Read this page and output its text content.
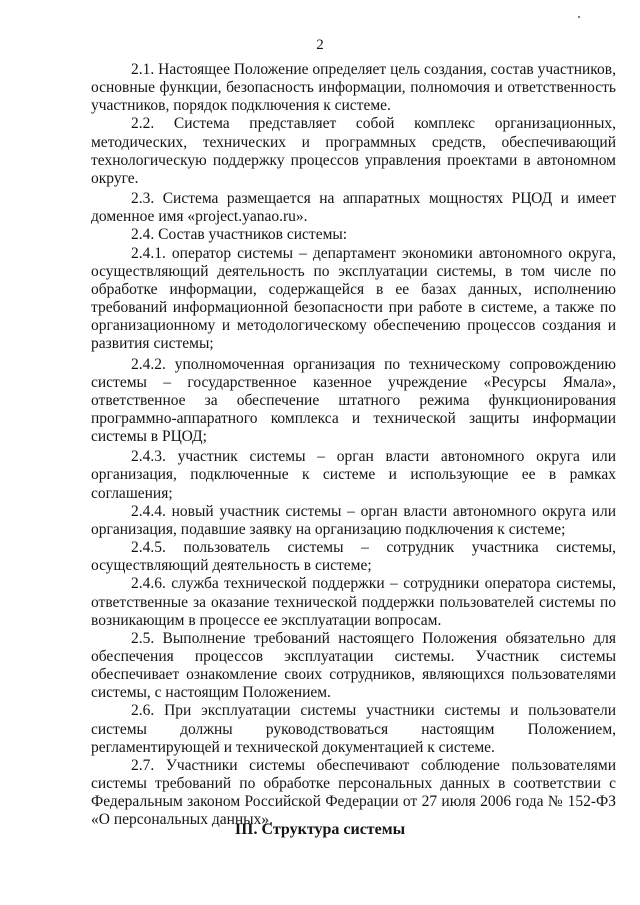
2

2.1. Настоящее Положение определяет цель создания, состав участников, основные функции, безопасность информации, полномочия и ответственность участников, порядок подключения к системе.

2.2. Система представляет собой комплекс организационных, методических, технических и программных средств, обеспечивающий технологическую поддержку процессов управления проектами в автономном округе.

2.3. Система размещается на аппаратных мощностях РЦОД и имеет доменное имя «project.yanao.ru».

2.4. Состав участников системы:

2.4.1. оператор системы – департамент экономики автономного округа, осуществляющий деятельность по эксплуатации системы, в том числе по обработке информации, содержащейся в ее базах данных, исполнению требований информационной безопасности при работе в системе, а также по организационному и методологическому обеспечению процессов создания и развития системы;

2.4.2. уполномоченная организация по техническому сопровождению системы – государственное казенное учреждение «Ресурсы Ямала», ответственное за обеспечение штатного режима функционирования программно-аппаратного комплекса и технической защиты информации системы в РЦОД;

2.4.3. участник системы – орган власти автономного округа или организация, подключенные к системе и использующие ее в рамках соглашения;

2.4.4. новый участник системы – орган власти автономного округа или организация, подавшие заявку на организацию подключения к системе;

2.4.5. пользователь системы – сотрудник участника системы, осуществляющий деятельность в системе;

2.4.6. служба технической поддержки – сотрудники оператора системы, ответственные за оказание технической поддержки пользователей системы по возникающим в процессе ее эксплуатации вопросам.

2.5. Выполнение требований настоящего Положения обязательно для обеспечения процессов эксплуатации системы. Участник системы обеспечивает ознакомление своих сотрудников, являющихся пользователями системы, с настоящим Положением.

2.6. При эксплуатации системы участники системы и пользователи системы должны руководствоваться настоящим Положением, регламентирующей и технической документацией к системе.

2.7. Участники системы обеспечивают соблюдение пользователями системы требований по обработке персональных данных в соответствии с Федеральным законом Российской Федерации от 27 июля 2006 года № 152-ФЗ «О персональных данных».

III. Структура системы
